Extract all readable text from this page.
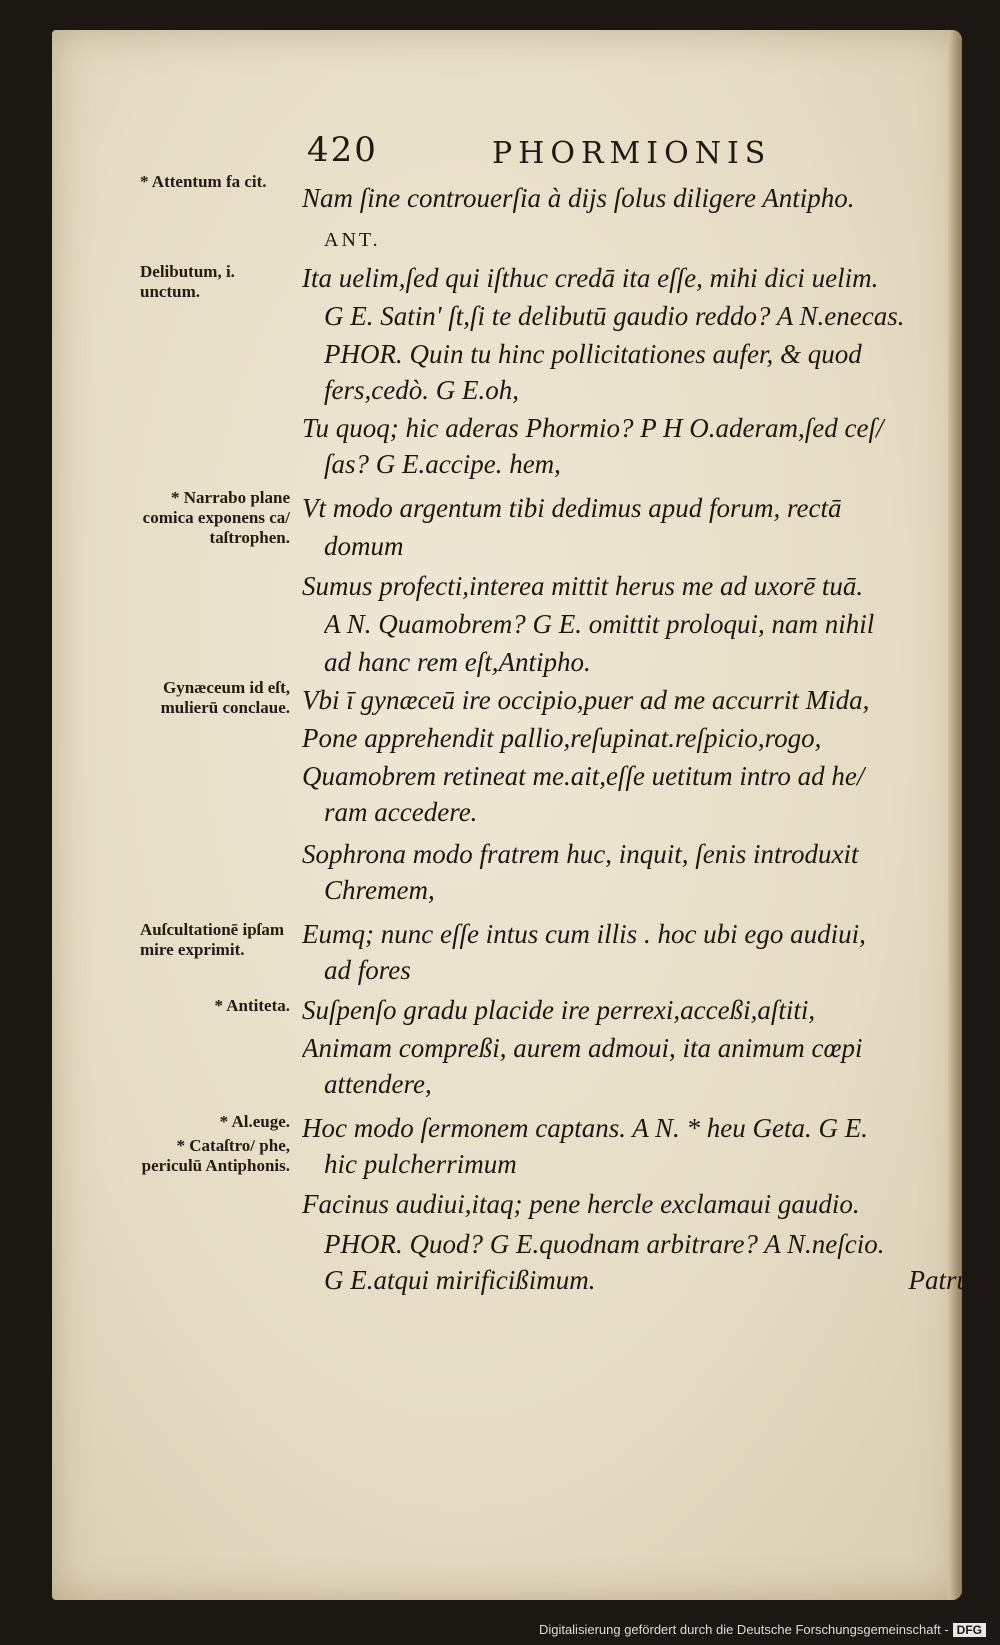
420	PHORMIONIS
Nam ſine controuerſia à dijs ſolus diligere Antipho.
ANT.
Ita uelim,ſed qui iſthuc credā ita eſſe, mihi dici uelim.
G E. Satin' ſt,ſi te delibutū gaudio reddo? A N.enecas.
PHOR. Quin tu hinc pollicitationes aufer, & quod
fers,cedò. G E.oh,
Tu quoq; hic aderas Phormio? P H O.aderam,ſed ceſ/
ſas? G E.accipe. hem,
Vt modo argentum tibi dedimus apud forum, rectā
domum
Sumus profecti,interea mittit herus me ad uxorē tuā.
A N. Quamobrem? G E. omittit proloqui, nam nihil
ad hanc rem eſt,Antipho.
Vbi ī gynæceū ire occipio,puer ad me accurrit Mida,
Pone apprehendit pallio,reſupinat.reſpicio,rogo,
Quamobrem retineat me.ait,eſſe uetitum intro ad he/
ram accedere.
Sophrona modo fratrem huc, inquit, ſenis introduxit
Chremem,
Eumq; nunc eſſe intus cum illis . hoc ubi ego audiui,
ad fores
Suſpenſo gradu placide ire perrexi,acceßi,aſtiti,
Animam compreßi, aurem admoui, ita animum cœpi
attendere,
Hoc modo ſermonem captans. A N. * heu Geta. G E.
hic pulcherrimum
Facinus audiui,itaq; pene hercle exclamaui gaudio.
PHOR. Quod? G E.quodnam arbitrare? A N.neſcio.
G E.atqui mirificißimum.	Patruus
* Attentum fa cit.
Delibutum, i. unctum.
* Narrabo plane comica exponens ca/ taſtrophen.
Gynæceum id eſt, mulierū conclaue.
Auſcultationē ipſam mire exprimit.
* Antiteta.
* Al.euge.
* Cataſtro/ phe, periculū Antiphonis.
Digitalisierung gefördert durch die Deutsche Forschungsgemeinschaft - DFG
